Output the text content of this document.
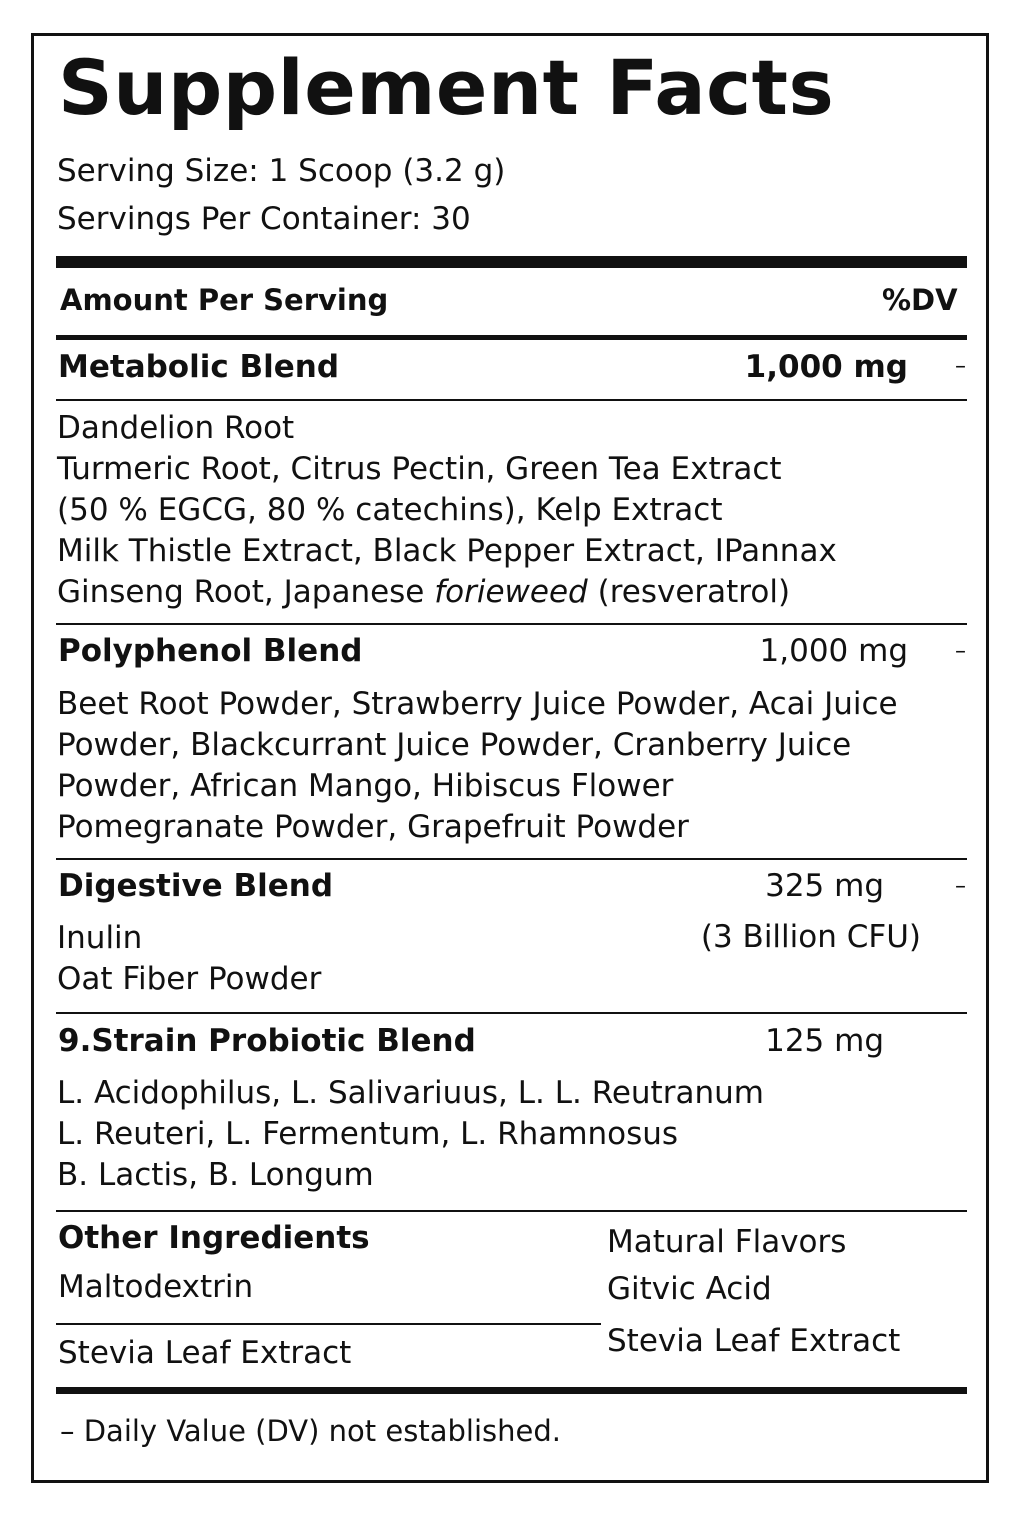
Supplement Facts
Serving Size: 1 Scoop (3.2 g)
Servings Per Container: 30
Amount Per Serving	%DV
Metabolic Blend	1,000 mg –
Dandelion Root
Turmeric Root, Citrus Pectin, Green Tea Extract
(50 % EGCG, 80 % catechins), Kelp Extract
Milk Thistle Extract, Black Pepper Extract, IPannax
Ginseng Root, Japanese forieweed (resveratrol)
Polyphenol Blend	1,000 mg –
Beet Root Powder, Strawberry Juice Powder, Acai Juice
Powder, Blackcurrant Juice Powder, Cranberry Juice
Powder, African Mango, Hibiscus Flower
Pomegranate Powder, Grapefruit Powder
Digestive Blend	325 mg	–
(3 Billion CFU)
Inulin
Oat Fiber Powder
9.Strain Probiotic Blend	125 mg
L. Acidophilus, L. Salivariuus, L. L. Reutranum
L. Reuteri, L. Fermentum, L. Rhamnosus
B. Lactis, B. Longum
Other Ingredients
Maltodextrin
Stevia Leaf Extract
Matural Flavors
Gitvic Acid
Stevia Leaf Extract
– Daily Value (DV) not established.
